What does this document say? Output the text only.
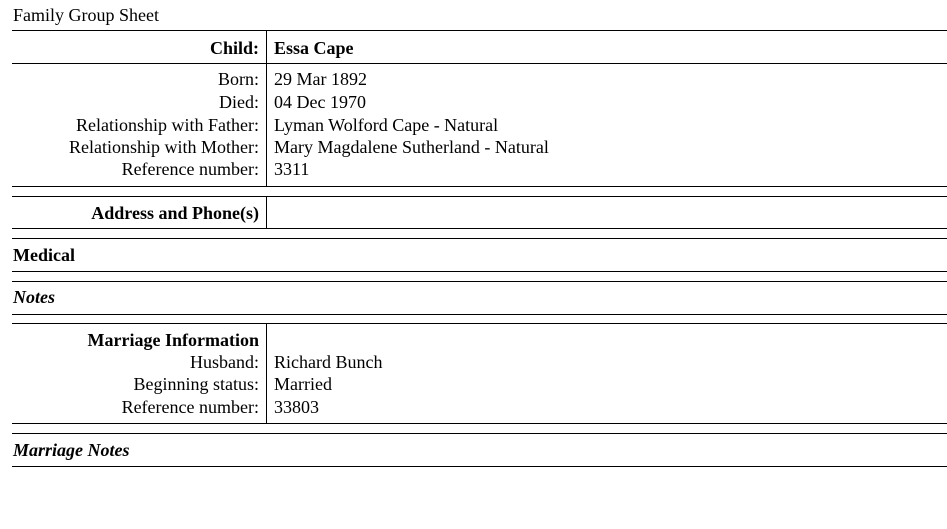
Family Group Sheet
Child: Essa Cape
Born: 29 Mar 1892
Died: 04 Dec 1970
Relationship with Father: Lyman Wolford Cape - Natural
Relationship with Mother: Mary Magdalene Sutherland - Natural
Reference number: 3311
Address and Phone(s)
Medical
Notes
Marriage Information
Husband: Richard Bunch
Beginning status: Married
Reference number: 33803
Marriage Notes
